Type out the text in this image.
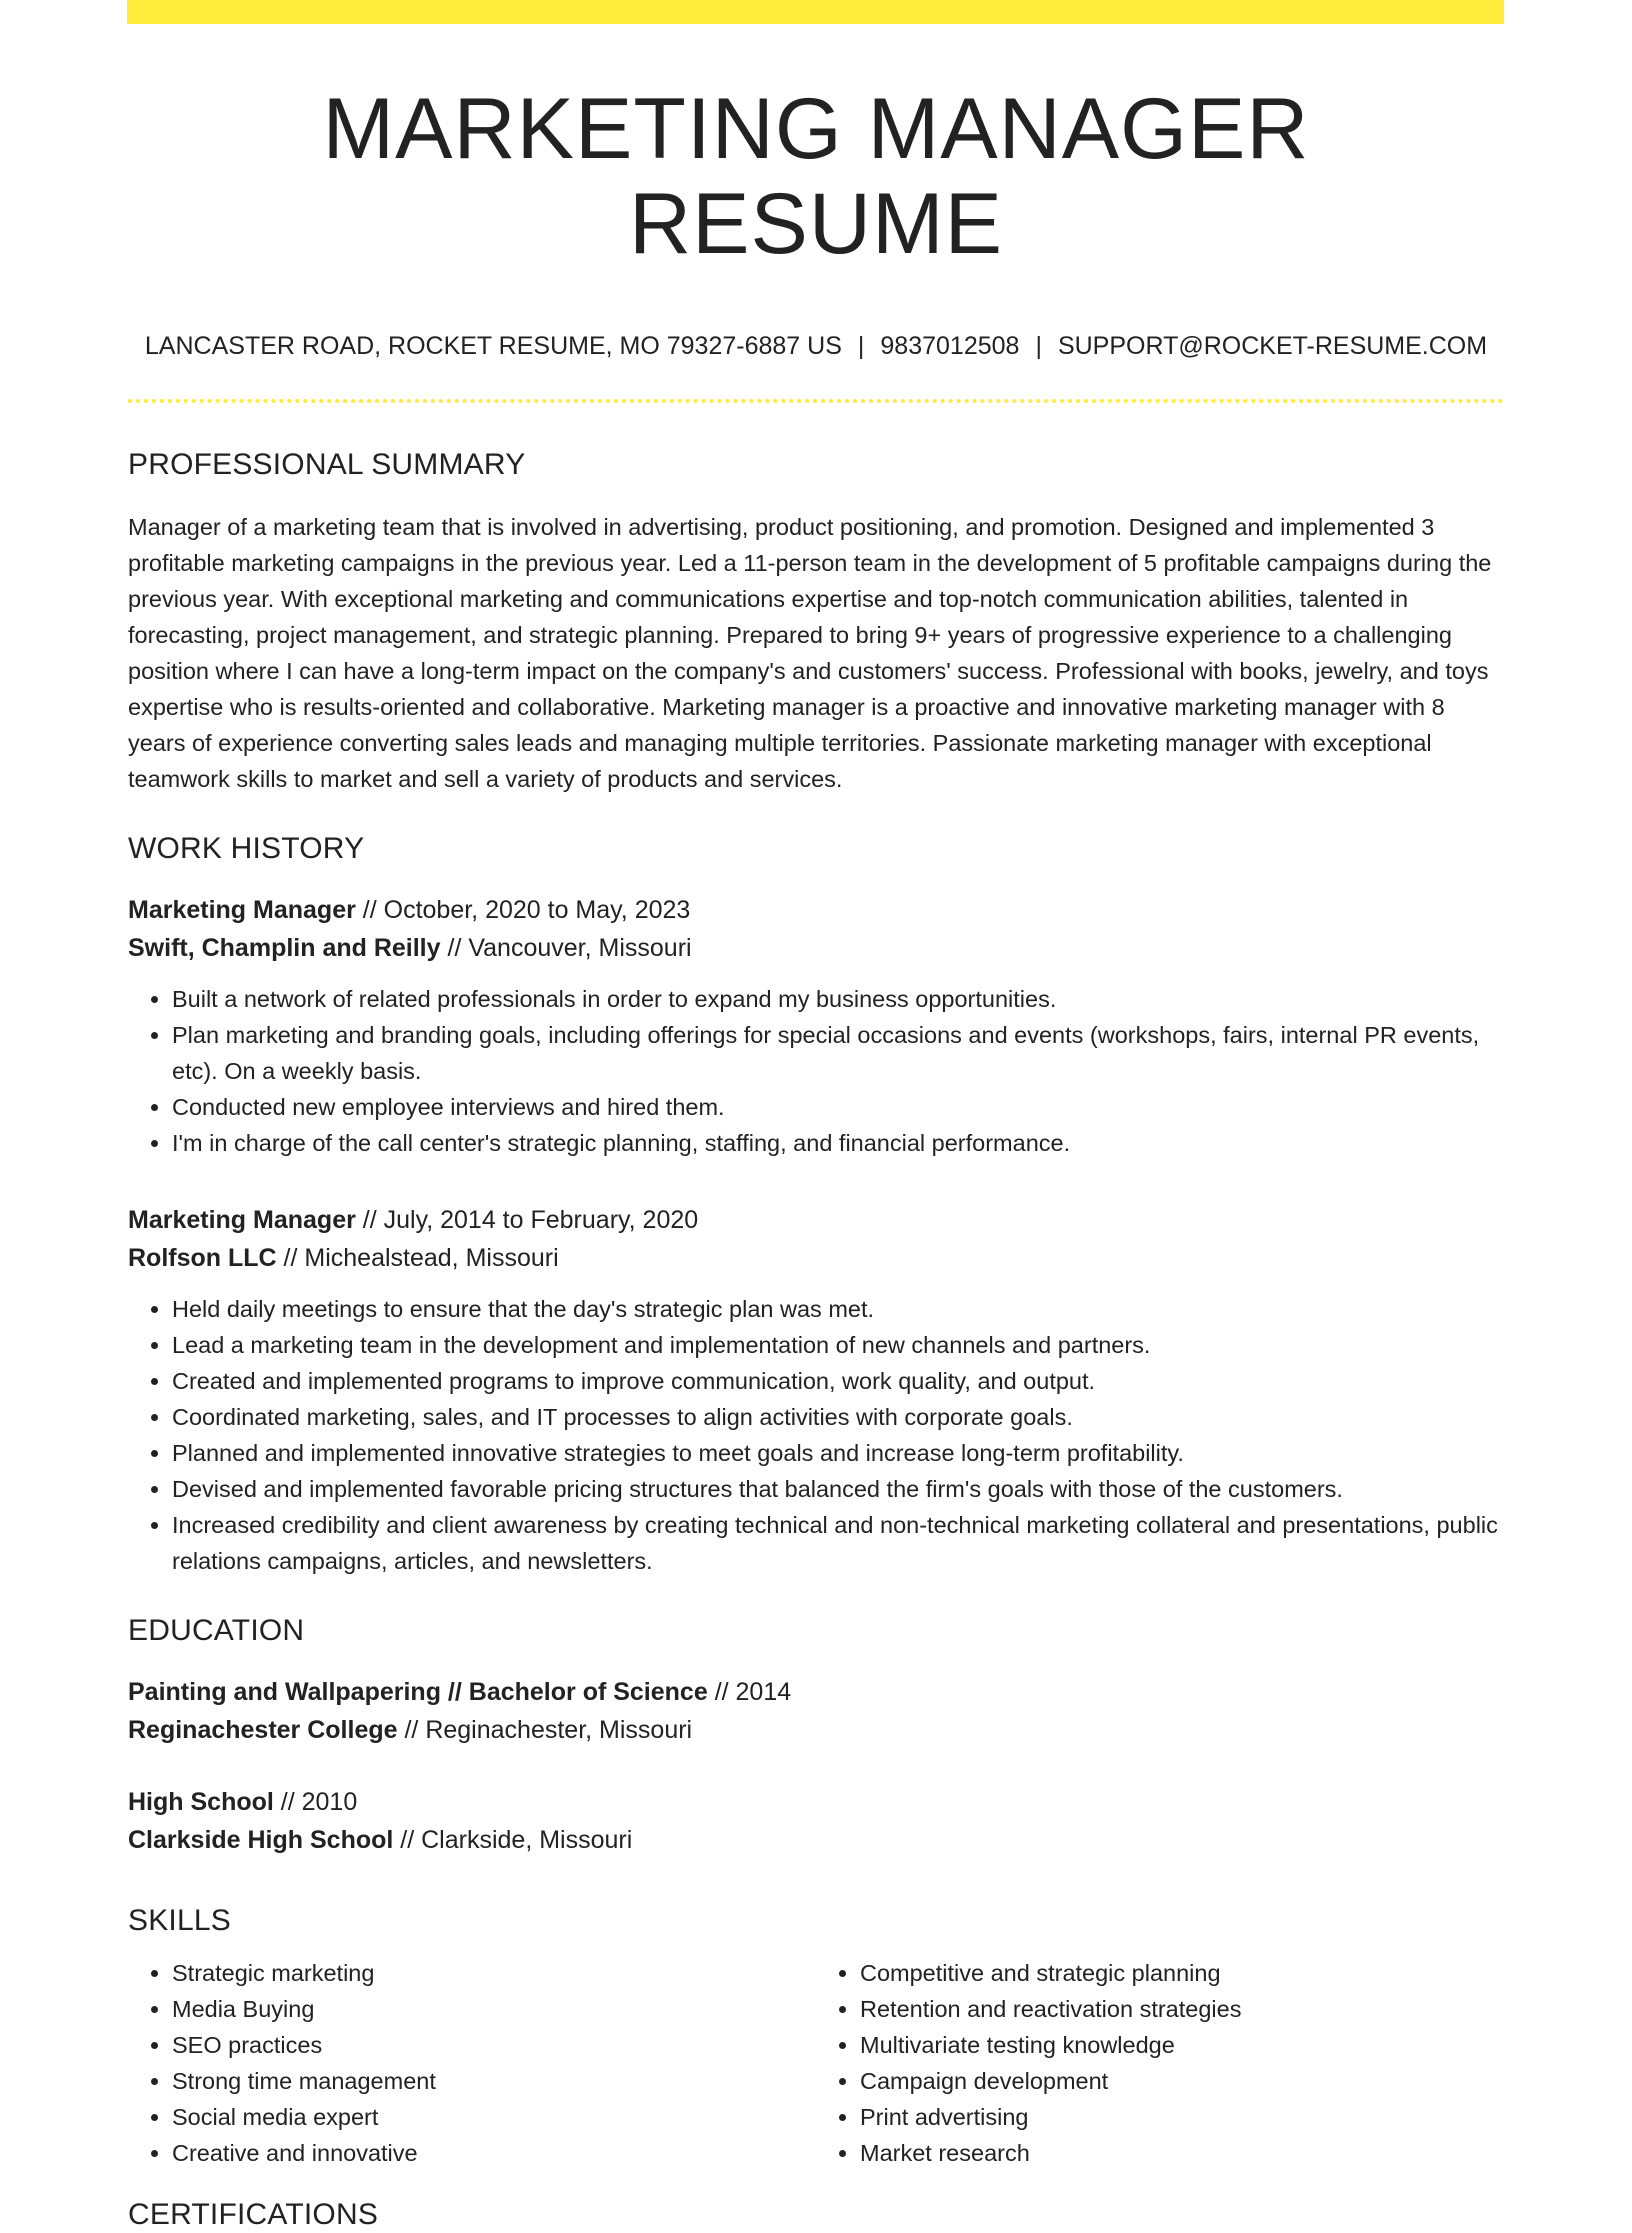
MARKETING MANAGER RESUME
LANCASTER ROAD, ROCKET RESUME, MO 79327-6887 US | 9837012508 | SUPPORT@ROCKET-RESUME.COM
PROFESSIONAL SUMMARY

Manager of a marketing team that is involved in advertising, product positioning, and promotion. Designed and implemented 3 profitable marketing campaigns in the previous year. Led a 11-person team in the development of 5 profitable campaigns during the previous year. With exceptional marketing and communications expertise and top-notch communication abilities, talented in forecasting, project management, and strategic planning. Prepared to bring 9+ years of progressive experience to a challenging position where I can have a long-term impact on the company's and customers' success. Professional with books, jewelry, and toys expertise who is results-oriented and collaborative. Marketing manager is a proactive and innovative marketing manager with 8 years of experience converting sales leads and managing multiple territories. Passionate marketing manager with exceptional teamwork skills to market and sell a variety of products and services.

WORK HISTORY
Marketing Manager // October, 2020 to May, 2023
Swift, Champlin and Reilly // Vancouver, Missouri
• Built a network of related professionals in order to expand my business opportunities.
• Plan marketing and branding goals, including offerings for special occasions and events (workshops, fairs, internal PR events, etc). On a weekly basis.
• Conducted new employee interviews and hired them.
• I'm in charge of the call center's strategic planning, staffing, and financial performance.
Marketing Manager // July, 2014 to February, 2020
Rolfson LLC // Michealstead, Missouri
• Held daily meetings to ensure that the day's strategic plan was met.
• Lead a marketing team in the development and implementation of new channels and partners.
• Created and implemented programs to improve communication, work quality, and output.
• Coordinated marketing, sales, and IT processes to align activities with corporate goals.
• Planned and implemented innovative strategies to meet goals and increase long-term profitability.
• Devised and implemented favorable pricing structures that balanced the firm's goals with those of the customers.
• Increased credibility and client awareness by creating technical and non-technical marketing collateral and presentations, public relations campaigns, articles, and newsletters.
EDUCATION
Painting and Wallpapering // Bachelor of Science // 2014
Reginachester College // Reginachester, Missouri
High School // 2010
Clarkside High School // Clarkside, Missouri
SKILLS
• Strategic marketing
• Media Buying
• SEO practices
• Strong time management
• Social media expert
• Creative and innovative
• Competitive and strategic planning
• Retention and reactivation strategies
• Multivariate testing knowledge
• Campaign development
• Print advertising
• Market research
CERTIFICATIONS
